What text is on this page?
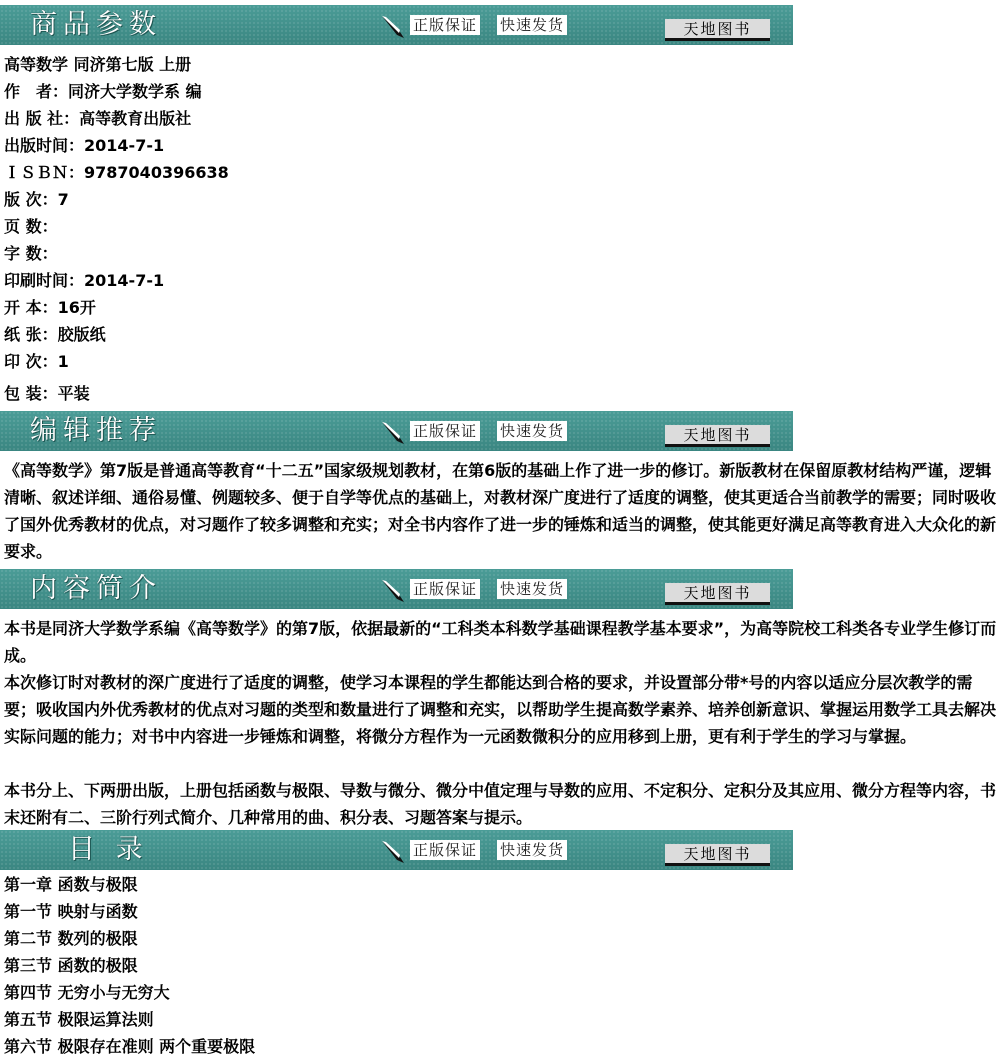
商品参数	正版保证 快速发货	天地图书
高等数学 同济第七版 上册
作　者：同济大学数学系 编
出 版 社：高等教育出版社
出版时间：2014-7-1
ＩＳＢＮ：9787040396638
版 次：7
页 数：
字 数：
印刷时间：2014-7-1
开 本：16开
纸 张：胶版纸
印 次：1
包 装：平装
编辑推荐	正版保证 快速发货	天地图书
《高等数学》第7版是普通高等教育“十二五”国家级规划教材，在第6版的基础上作了进一步的修订。新版教材在保留原教材结构严谨，逻辑清晰、叙述详细、通俗易懂、例题较多、便于自学等优点的基础上，对教材深广度进行了适度的调整，使其更适合当前教学的需要；同时吸收了国外优秀教材的优点，对习题作了较多调整和充实；对全书内容作了进一步的锤炼和适当的调整，使其能更好满足高等教育进入大众化的新要求。
内容简介	正版保证 快速发货	天地图书
本书是同济大学数学系编《高等数学》的第7版，依据最新的“工科类本科数学基础课程教学基本要求”，为高等院校工科类各专业学生修订而成。
本次修订时对教材的深广度进行了适度的调整，使学习本课程的学生都能达到合格的要求，并设置部分带*号的内容以适应分层次教学的需要；吸收国内外优秀教材的优点对习题的类型和数量进行了调整和充实，以帮助学生提高数学素养、培养创新意识、掌握运用数学工具去解决实际问题的能力；对书中内容进一步锤炼和调整，将微分方程作为一元函数微积分的应用移到上册，更有利于学生的学习与掌握。
本书分上、下两册出版，上册包括函数与极限、导数与微分、微分中值定理与导数的应用、不定积分、定积分及其应用、微分方程等内容，书末还附有二、三阶行列式简介、几种常用的曲、积分表、习题答案与提示。
目 录	正版保证 快速发货	天地图书
第一章 函数与极限
第一节 映射与函数
第二节 数列的极限
第三节 函数的极限
第四节 无穷小与无穷大
第五节 极限运算法则
第六节 极限存在准则 两个重要极限
